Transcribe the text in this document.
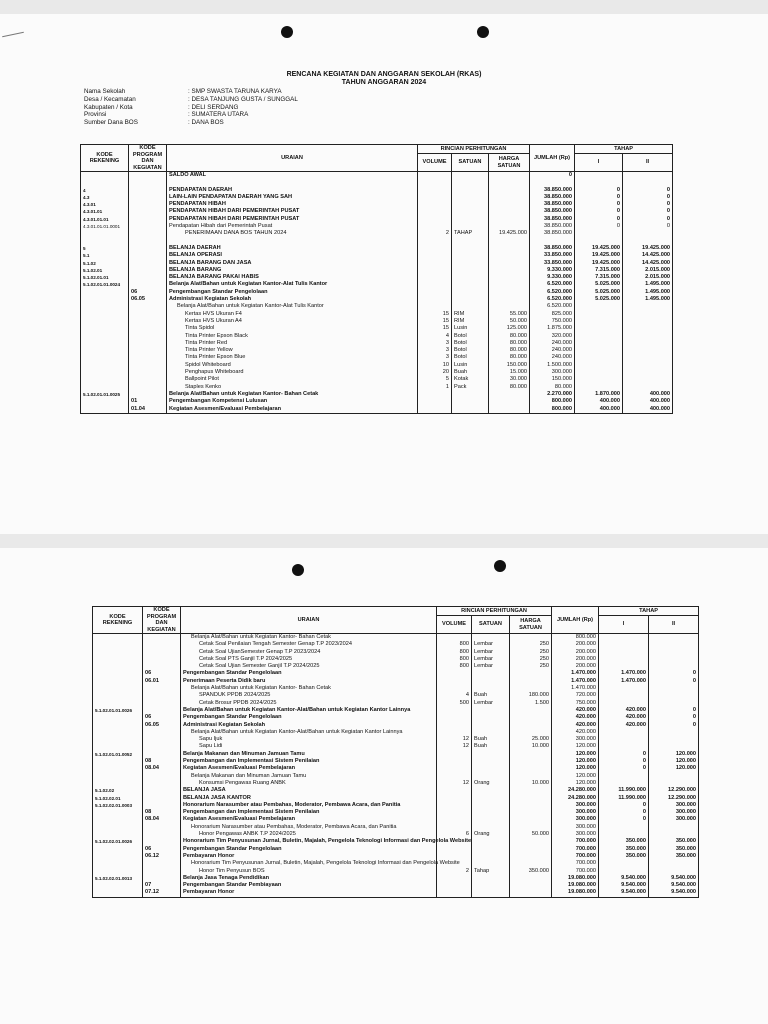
RENCANA KEGIATAN DAN ANGGARAN SEKOLAH (RKAS)
TAHUN ANGGARAN 2024
Nama Sekolah	: SMP SWASTA TARUNA KARYA
Desa / Kecamatan	: DESA TANJUNG GUSTA / SUNGGAL
Kabupaten / Kota	: DELI SERDANG
Provinsi	: SUMATERA UTARA
Sumber Dana BOS	: DANA BOS
KODE REKENING	KODE PROGRAM DAN KEGIATAN	URAIAN	RINCIAN PERHITUNGAN			JUMLAH (Rp)	TAHAP	
			VOLUME	SATUAN	HARGA SATUAN		I	II
		SALDO AWAL				0		

4		PENDAPATAN DAERAH				38.850.000	0	0
4.3		LAIN-LAIN PENDAPATAN DAERAH YANG SAH				38.850.000	0	0
4.3.01		PENDAPATAN HIBAH				38.850.000	0	0
4.3.01.01		PENDAPATAN HIBAH DARI PEMERINTAH PUSAT				38.850.000	0	0
4.3.01.01.01		PENDAPATAN HIBAH DARI PEMERINTAH PUSAT				38.850.000	0	0
4.3.01.01.01.0001		Pendapatan Hibah dari Pemerintah Pusat				38.850.000	0	0
		PENERIMAAN DANA BOS TAHUN 2024	2	TAHAP	19.425.000	38.850.000		

5		BELANJA DAERAH				38.850.000	19.425.000	19.425.000
5.1		BELANJA OPERASI				33.850.000	19.425.000	14.425.000
5.1.02		BELANJA BARANG DAN JASA				33.850.000	19.425.000	14.425.000
5.1.02.01		BELANJA BARANG				9.330.000	7.315.000	2.015.000
5.1.02.01.01		BELANJA BARANG PAKAI HABIS				9.330.000	7.315.000	2.015.000
5.1.02.01.01.0024		Belanja Alat/Bahan untuk Kegiatan Kantor-Alat Tulis Kantor				6.520.000	5.025.000	1.495.000
	06	Pengembangan Standar Pengelolaan				6.520.000	5.025.000	1.495.000
	06.05	Administrasi Kegiatan Sekolah				6.520.000	5.025.000	1.495.000
		Belanja Alat/Bahan untuk Kegiatan Kantor-Alat Tulis Kantor				6.520.000		
		Kertas HVS Ukuran F4	15	RIM	55.000	825.000		
		Kertas HVS Ukuran A4	15	RIM	50.000	750.000		
		Tinta Spidol	15	Lusin	125.000	1.875.000		
		Tinta Printer Epson Black	4	Botol	80.000	320.000		
		Tinta Printer Red	3	Botol	80.000	240.000		
		Tinta Printer Yellow	3	Botol	80.000	240.000		
		Tinta Printer Epson Blue	3	Botol	80.000	240.000		
		Spidol Whiteboard	10	Lusin	150.000	1.500.000		
		Penghapus Whiteboard	20	Buah	15.000	300.000		
		Ballpoint Pilot	5	Kotak	30.000	150.000		
		Staples Kenko	1	Pack	80.000	80.000		
5.1.02.01.01.0025		Belanja Alat/Bahan untuk Kegiatan Kantor- Bahan Cetak				2.270.000	1.870.000	400.000
	01	Pengembangan Kompetensi Lulusan				800.000	400.000	400.000
	01.04	Kegiatan Asesmen/Evaluasi Pembelajaran				800.000	400.000	400.000
KODE REKENING	KODE PROGRAM DAN KEGIATAN	URAIAN	RINCIAN PERHITUNGAN			JUMLAH (Rp)	TAHAP	
			VOLUME	SATUAN	HARGA SATUAN		I	II
		Belanja Alat/Bahan untuk Kegiatan Kantor- Bahan Cetak				800.000		
		Cetak Soal Penilaian Tengah Semester Genap T.P 2023/2024	800	Lembar	250	200.000		
		Cetak Soal UjianSemester Genap T.P 2023/2024	800	Lembar	250	200.000		
		Cetak Soal PTS Ganjil T.P 2024/2025	800	Lembar	250	200.000		
		Cetak Soal Ujian Semester Ganjil T.P 2024/2025	800	Lembar	250	200.000		
	06	Pengembangan Standar Pengelolaan				1.470.000	1.470.000	0
	06.01	Penerimaan Peserta Didik baru				1.470.000	1.470.000	0
		Belanja Alat/Bahan untuk Kegiatan Kantor- Bahan Cetak				1.470.000		
		SPANDUK PPDB 2024/2025	4	Buah	180.000	720.000		
		Cetak Brosur PPDB 2024/2025	500	Lembar	1.500	750.000		
5.1.02.01.01.0026		Belanja Alat/Bahan untuk Kegiatan Kantor-Alat/Bahan untuk Kegiatan Kantor Lainnya				420.000	420.000	0
	06	Pengembangan Standar Pengelolaan				420.000	420.000	0
	06.05	Administrasi Kegiatan Sekolah				420.000	420.000	0
		Belanja Alat/Bahan untuk Kegiatan Kantor-Alat/Bahan untuk Kegiatan Kantor Lainnya				420.000		
		Sapu Ijuk	12	Buah	25.000	300.000		
		Sapu Lidi	12	Buah	10.000	120.000		
5.1.02.01.01.0052		Belanja Makanan dan Minuman Jamuan Tamu				120.000	0	120.000
	08	Pengembangan dan Implementasi Sistem Penilaian				120.000	0	120.000
	08.04	Kegiatan Asesmen/Evaluasi Pembelajaran				120.000	0	120.000
		Belanja Makanan dan Minuman Jamuan Tamu				120.000		
		Konsumsi Pengawas Ruang ANBK	12	Orang	10.000	120.000		
5.1.02.02		BELANJA JASA				24.280.000	11.990.000	12.290.000
5.1.02.02.01		BELANJA JASA KANTOR				24.280.000	11.990.000	12.290.000
5.1.02.02.01.0003		Honorarium Narasumber atau Pembahas, Moderator, Pembawa Acara, dan Panitia				300.000	0	300.000
	08	Pengembangan dan Implementasi Sistem Penilaian				300.000	0	300.000
	08.04	Kegiatan Asesmen/Evaluasi Pembelajaran				300.000	0	300.000
		Honorarium Narasumber atau Pembahas, Moderator, Pembawa Acara, dan Panitia				300.000		
		Honor Pengawas ANBK T.P 2024/2025	6	Orang	50.000	300.000		
5.1.02.02.01.0026		Honorarium Tim Penyusunan Jurnal, Buletin, Majalah, Pengelola Teknologi Informasi dan Pengelola Website				700.000	350.000	350.000
	06	Pengembangan Standar Pengelolaan				700.000	350.000	350.000
	06.12	Pembayaran Honor				700.000	350.000	350.000
		Honorarium Tim Penyusunan Jurnal, Buletin, Majalah, Pengelola Teknologi Informasi dan Pengelola Website				700.000		
		Honor Tim Penyusun BOS	2	Tahap	350.000	700.000		
5.1.02.02.01.0013		Belanja Jasa Tenaga Pendidikan				19.080.000	9.540.000	9.540.000
	07	Pengembangan Standar Pembiayaan				19.080.000	9.540.000	9.540.000
	07.12	Pembayaran Honor				19.080.000	9.540.000	9.540.000
